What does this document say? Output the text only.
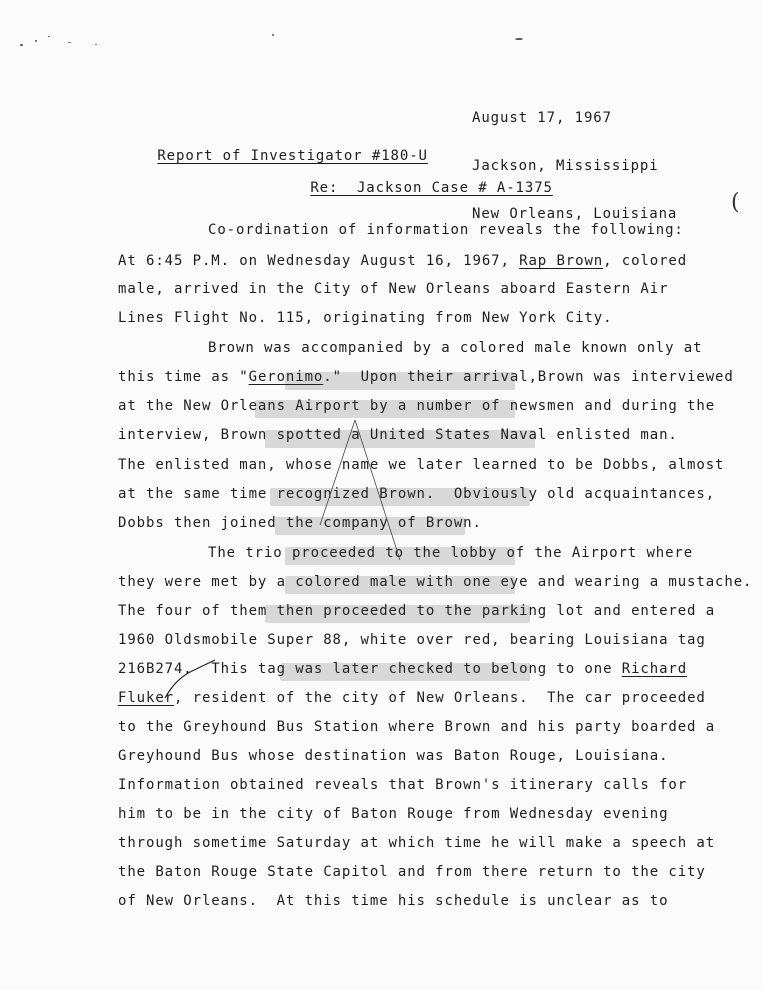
August 17, 1967

Jackson, Mississippi

New Orleans, Louisiana

Report of Investigator #180-U

Re:  Jackson Case # A-1375

Co-ordination of information reveals the following:
At 6:45 P.M. on Wednesday August 16, 1967, Rap Brown, colored
male, arrived in the City of New Orleans aboard Eastern Air
Lines Flight No. 115, originating from New York City.
Brown was accompanied by a colored male known only at
this time as "Geronimo."  Upon their arrival,Brown was interviewed
at the New Orleans Airport by a number of newsmen and during the
interview, Brown spotted a United States Naval enlisted man.
The enlisted man, whose name we later learned to be Dobbs, almost
at the same time recognized Brown.  Obviously old acquaintances,
Dobbs then joined the company of Brown.
The trio proceeded to the lobby of the Airport where
they were met by a colored male with one eye and wearing a mustache.
The four of them then proceeded to the parking lot and entered a
1960 Oldsmobile Super 88, white over red, bearing Louisiana tag
216B274.  This tag was later checked to belong to one Richard
Fluker, resident of the city of New Orleans.  The car proceeded
to the Greyhound Bus Station where Brown and his party boarded a
Greyhound Bus whose destination was Baton Rouge, Louisiana.
Information obtained reveals that Brown's itinerary calls for
him to be in the city of Baton Rouge from Wednesday evening
through sometime Saturday at which time he will make a speech at
the Baton Rouge State Capitol and from there return to the city
of New Orleans.  At this time his schedule is unclear as to
(
